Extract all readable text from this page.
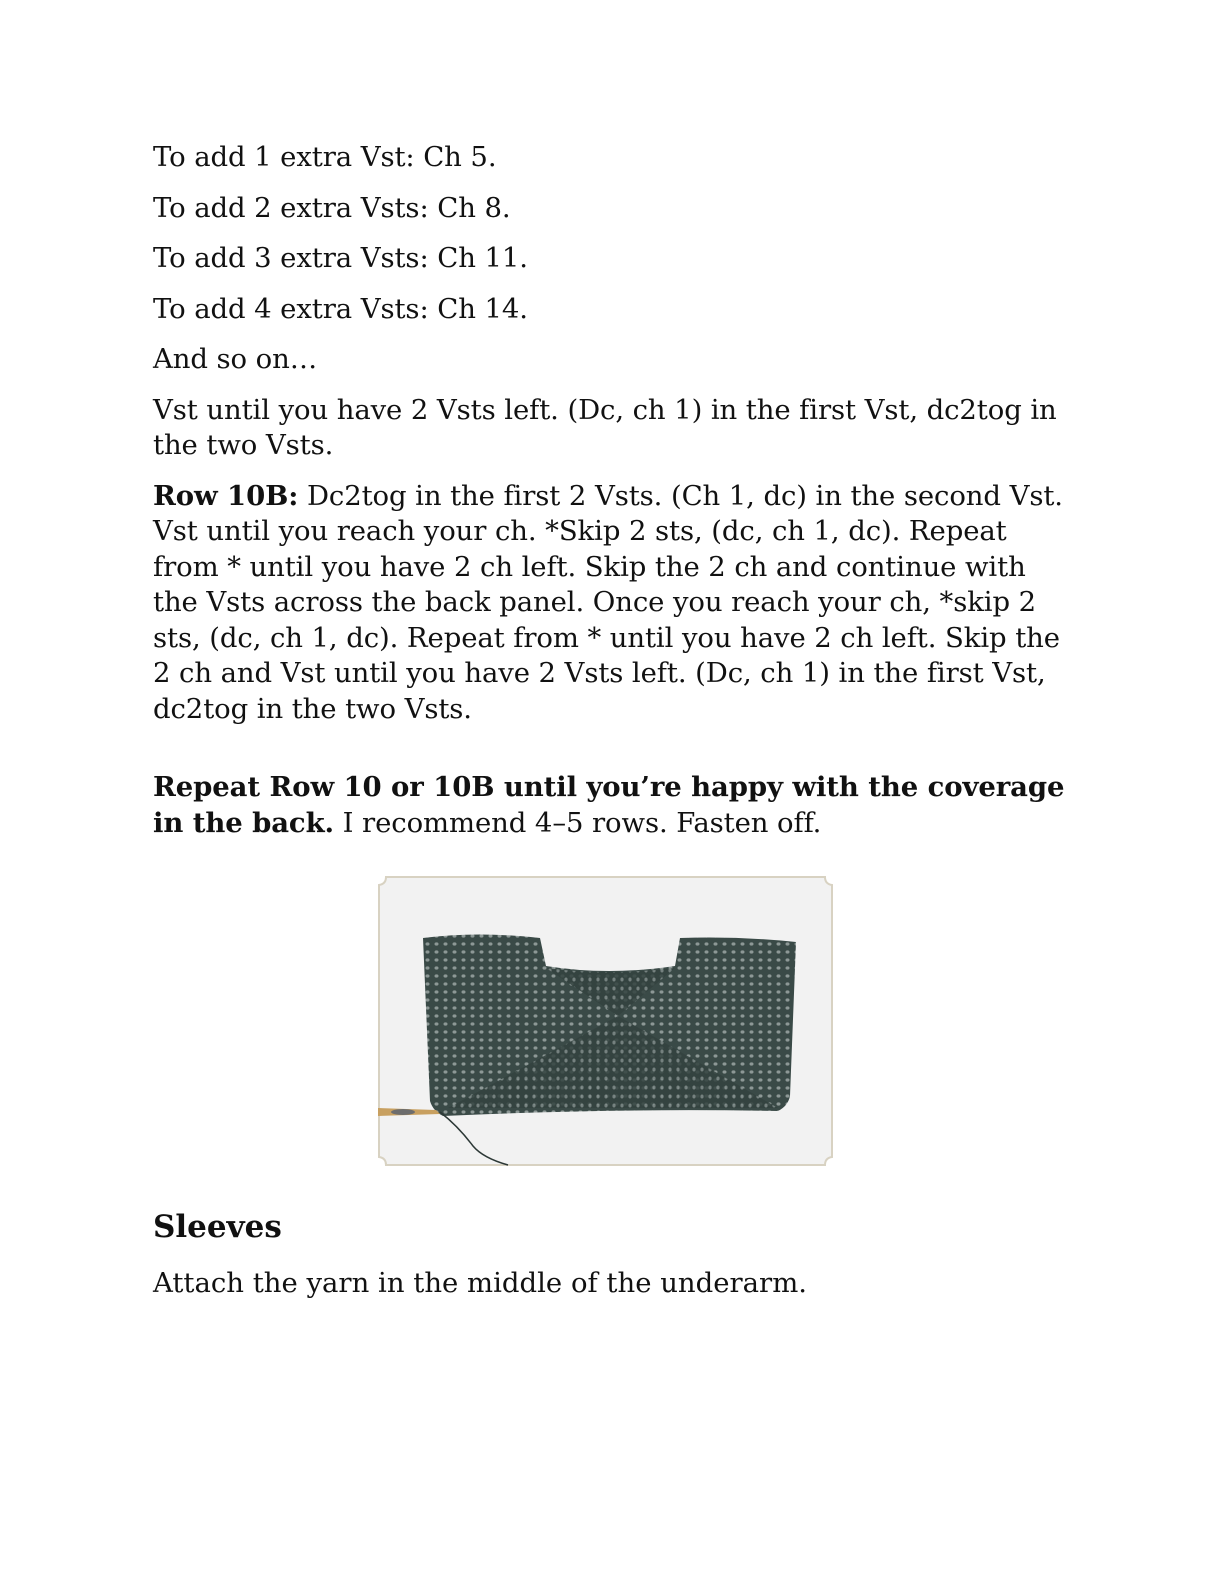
To add 1 extra Vst: Ch 5.

To add 2 extra Vsts: Ch 8.

To add 3 extra Vsts: Ch 11.

To add 4 extra Vsts: Ch 14.

And so on…

Vst until you have 2 Vsts left. (Dc, ch 1) in the first Vst, dc2tog in the two Vsts.

Row 10B: Dc2tog in the first 2 Vsts. (Ch 1, dc) in the second Vst. Vst until you reach your ch. *Skip 2 sts, (dc, ch 1, dc). Repeat from * until you have 2 ch left. Skip the 2 ch and continue with the Vsts across the back panel. Once you reach your ch, *skip 2 sts, (dc, ch 1, dc). Repeat from * until you have 2 ch left. Skip the 2 ch and Vst until you have 2 Vsts left. (Dc, ch 1) in the first Vst, dc2tog in the two Vsts.

Repeat Row 10 or 10B until you’re happy with the coverage in the back. I recommend 4–5 rows. Fasten off.

Sleeves

Attach the yarn in the middle of the underarm.
